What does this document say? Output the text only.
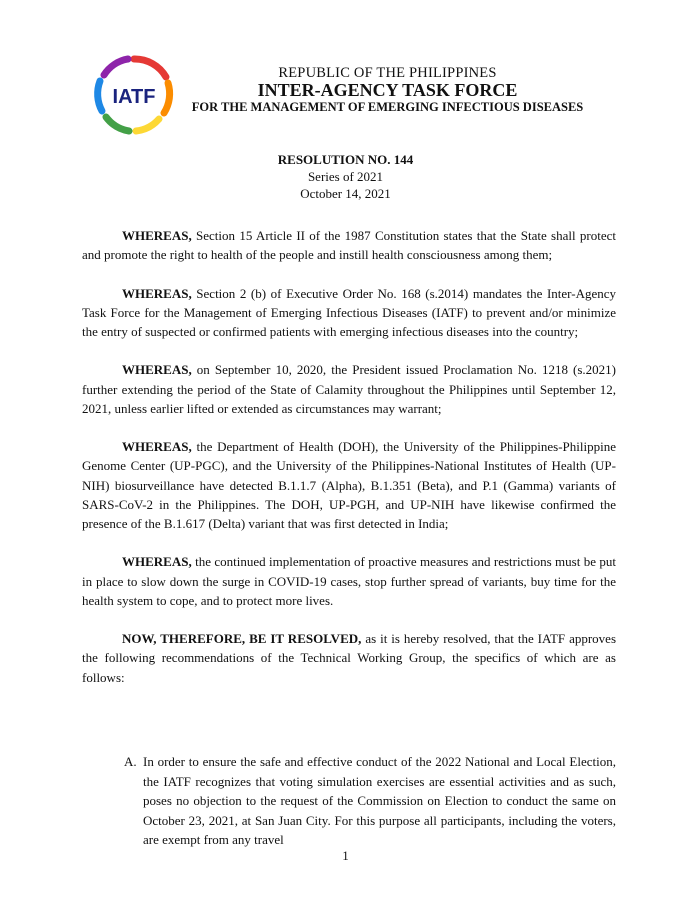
IATF
REPUBLIC OF THE PHILIPPINES
INTER-AGENCY TASK FORCE
FOR THE MANAGEMENT OF EMERGING INFECTIOUS DISEASES
RESOLUTION NO. 144
Series of 2021
October 14, 2021

WHEREAS, Section 15 Article II of the 1987 Constitution states that the State shall protect and promote the right to health of the people and instill health consciousness among them;

WHEREAS, Section 2 (b) of Executive Order No. 168 (s.2014) mandates the Inter-Agency Task Force for the Management of Emerging Infectious Diseases (IATF) to prevent and/or minimize the entry of suspected or confirmed patients with emerging infectious diseases into the country;

WHEREAS, on September 10, 2020, the President issued Proclamation No. 1218 (s.2021) further extending the period of the State of Calamity throughout the Philippines until September 12, 2021, unless earlier lifted or extended as circumstances may warrant;

WHEREAS, the Department of Health (DOH), the University of the Philippines-Philippine Genome Center (UP-PGC), and the University of the Philippines-National Institutes of Health (UP-NIH) biosurveillance have detected B.1.1.7 (Alpha), B.1.351 (Beta), and P.1 (Gamma) variants of SARS-CoV-2 in the Philippines. The DOH, UP-PGH, and UP-NIH have likewise confirmed the presence of the B.1.617 (Delta) variant that was first detected in India;

WHEREAS, the continued implementation of proactive measures and restrictions must be put in place to slow down the surge in COVID-19 cases, stop further spread of variants, buy time for the health system to cope, and to protect more lives.

NOW, THEREFORE, BE IT RESOLVED, as it is hereby resolved, that the IATF approves the following recommendations of the Technical Working Group, the specifics of which are as follows:

A. In order to ensure the safe and effective conduct of the 2022 National and Local Election, the IATF recognizes that voting simulation exercises are essential activities and as such, poses no objection to the request of the Commission on Election to conduct the same on October 23, 2021, at San Juan City. For this purpose all participants, including the voters, are exempt from any travel
1
